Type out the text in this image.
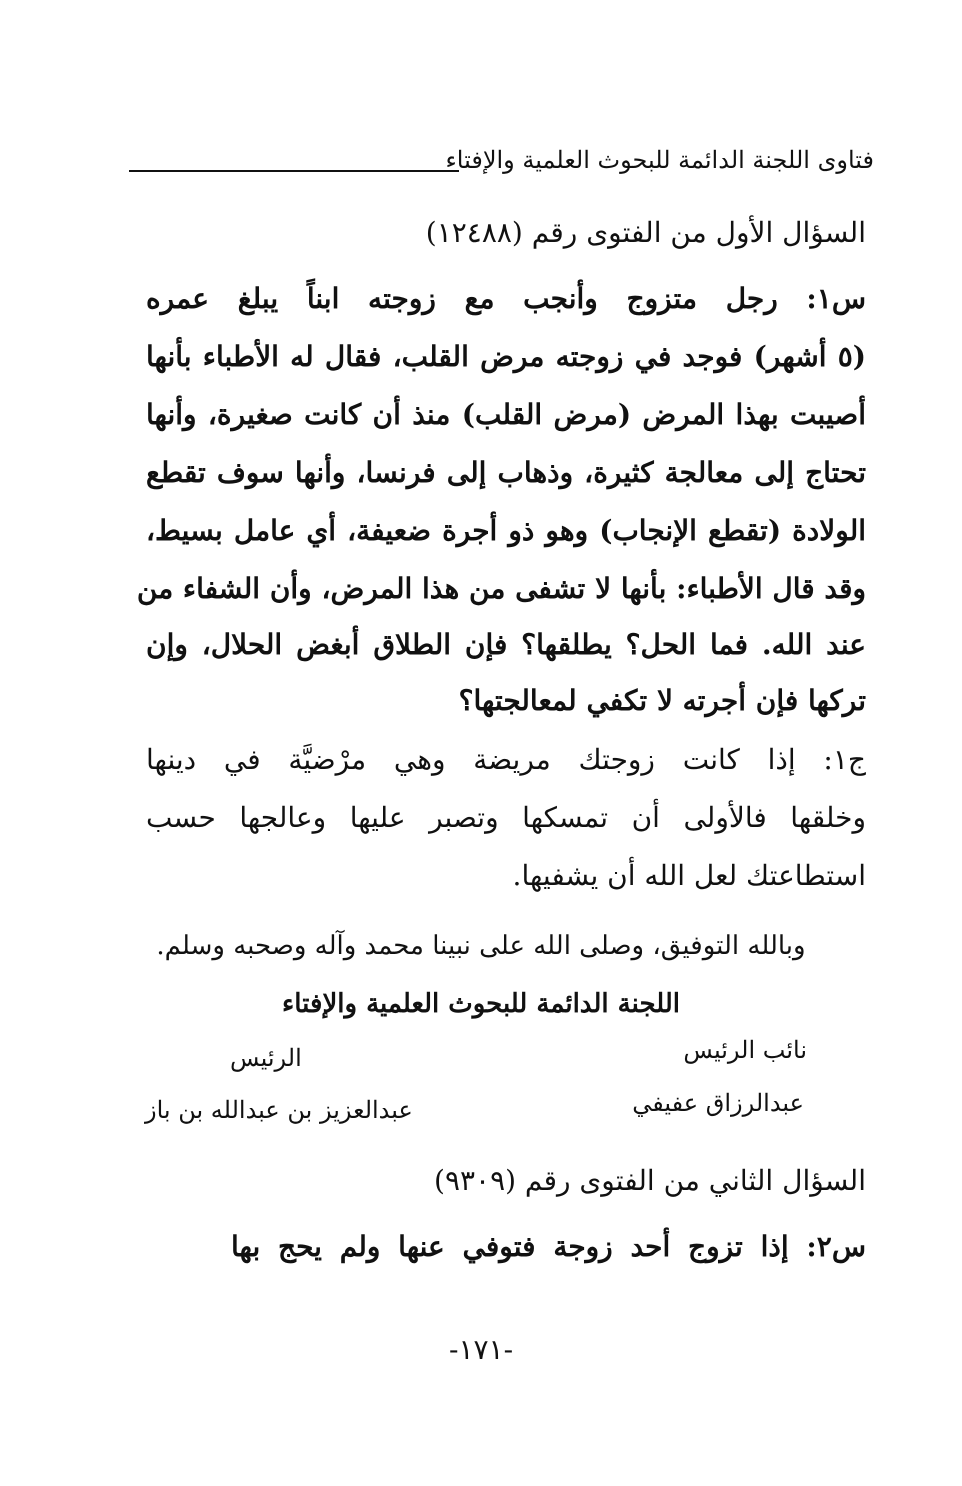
فتاوى اللجنة الدائمة للبحوث العلمية والإفتاء
السؤال الأول من الفتوى رقم (١٢٤٨٨)
س١: رجل متزوج وأنجب مع زوجته ابناً يبلغ عمره
(٥ أشهر) فوجد في زوجته مرض القلب، فقال له الأطباء بأنها
أصيبت بهذا المرض (مرض القلب) منذ أن كانت صغيرة، وأنها
تحتاج إلى معالجة كثيرة، وذهاب إلى فرنسا، وأنها سوف تقطع
الولادة (تقطع الإنجاب) وهو ذو أجرة ضعيفة، أي عامل بسيط،
وقد قال الأطباء: بأنها لا تشفى من هذا المرض، وأن الشفاء من
عند الله. فما الحل؟ يطلقها؟ فإن الطلاق أبغض الحلال، وإن
تركها فإن أجرته لا تكفي لمعالجتها؟
ج١: إذا كانت زوجتك مريضة وهي مرْضيَّة في دينها
وخلقها فالأولى أن تمسكها وتصبر عليها وعالجها حسب
استطاعتك لعل الله أن يشفيها.
وبالله التوفيق، وصلى الله على نبينا محمد وآله وصحبه وسلم.
اللجنة الدائمة للبحوث العلمية والإفتاء
نائب الرئيس
الرئيس
عبدالرزاق عفيفي
عبدالعزيز بن عبدالله بن باز
السؤال الثاني من الفتوى رقم (٩٣٠٩)
س٢: إذا تزوج أحد زوجة فتوفي عنها ولم يحج بها
-١٧١-
